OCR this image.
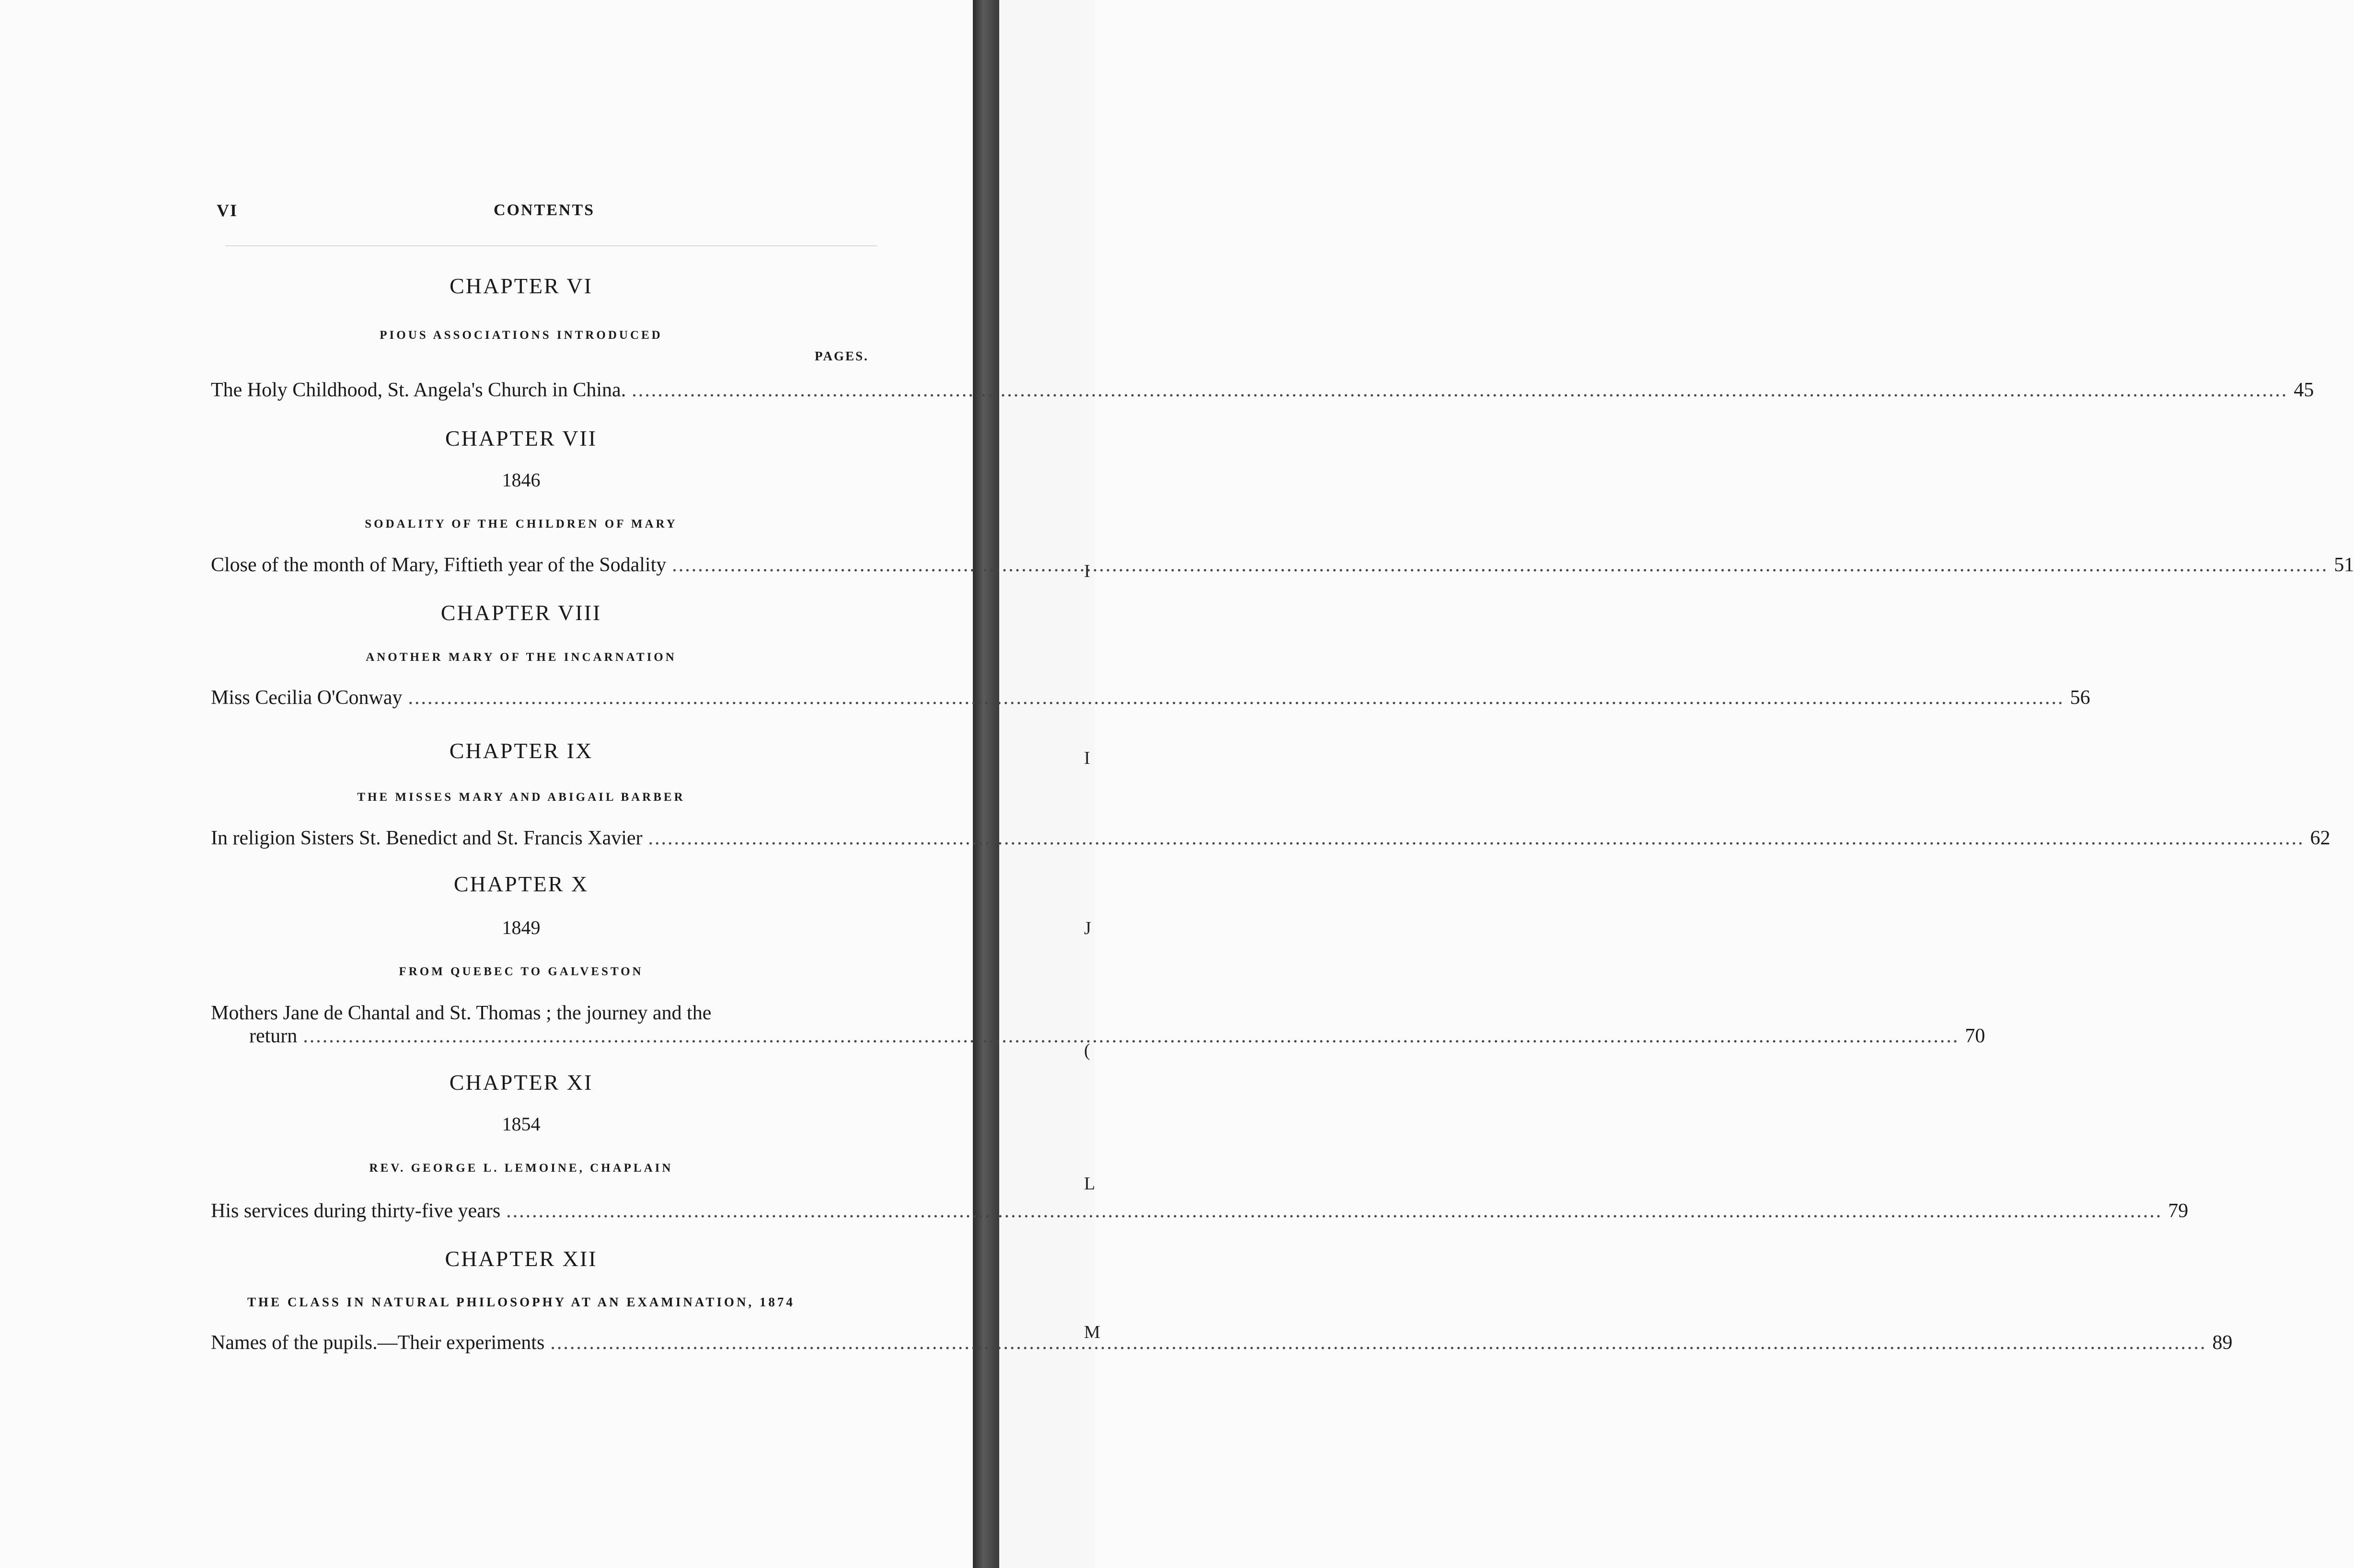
I
I
J
(
L
M
VI	CONTENTS
CHAPTER VI
PIOUS ASSOCIATIONS INTRODUCED
PAGES.
The Holy Childhood, St. Angela's Church in China. .....	45
CHAPTER VII
1846
SODALITY OF THE CHILDREN OF MARY
Close of the month of Mary, Fiftieth year of the Sodality .....	51
CHAPTER VIII
ANOTHER MARY OF THE INCARNATION
Miss Cecilia O'Conway .....	56
CHAPTER IX
THE MISSES MARY AND ABIGAIL BARBER
In religion Sisters St. Benedict and St. Francis Xavier .....	62
CHAPTER X
1849
FROM QUEBEC TO GALVESTON
Mothers Jane de Chantal and St. Thomas ; the journey and the
return .....	70
CHAPTER XI
1854
REV. GEORGE L. LEMOINE, CHAPLAIN
His services during thirty-five years .....	79
CHAPTER XII
THE CLASS IN NATURAL PHILOSOPHY AT AN EXAMINATION, 1874
Names of the pupils.—Their experiments .....	89
